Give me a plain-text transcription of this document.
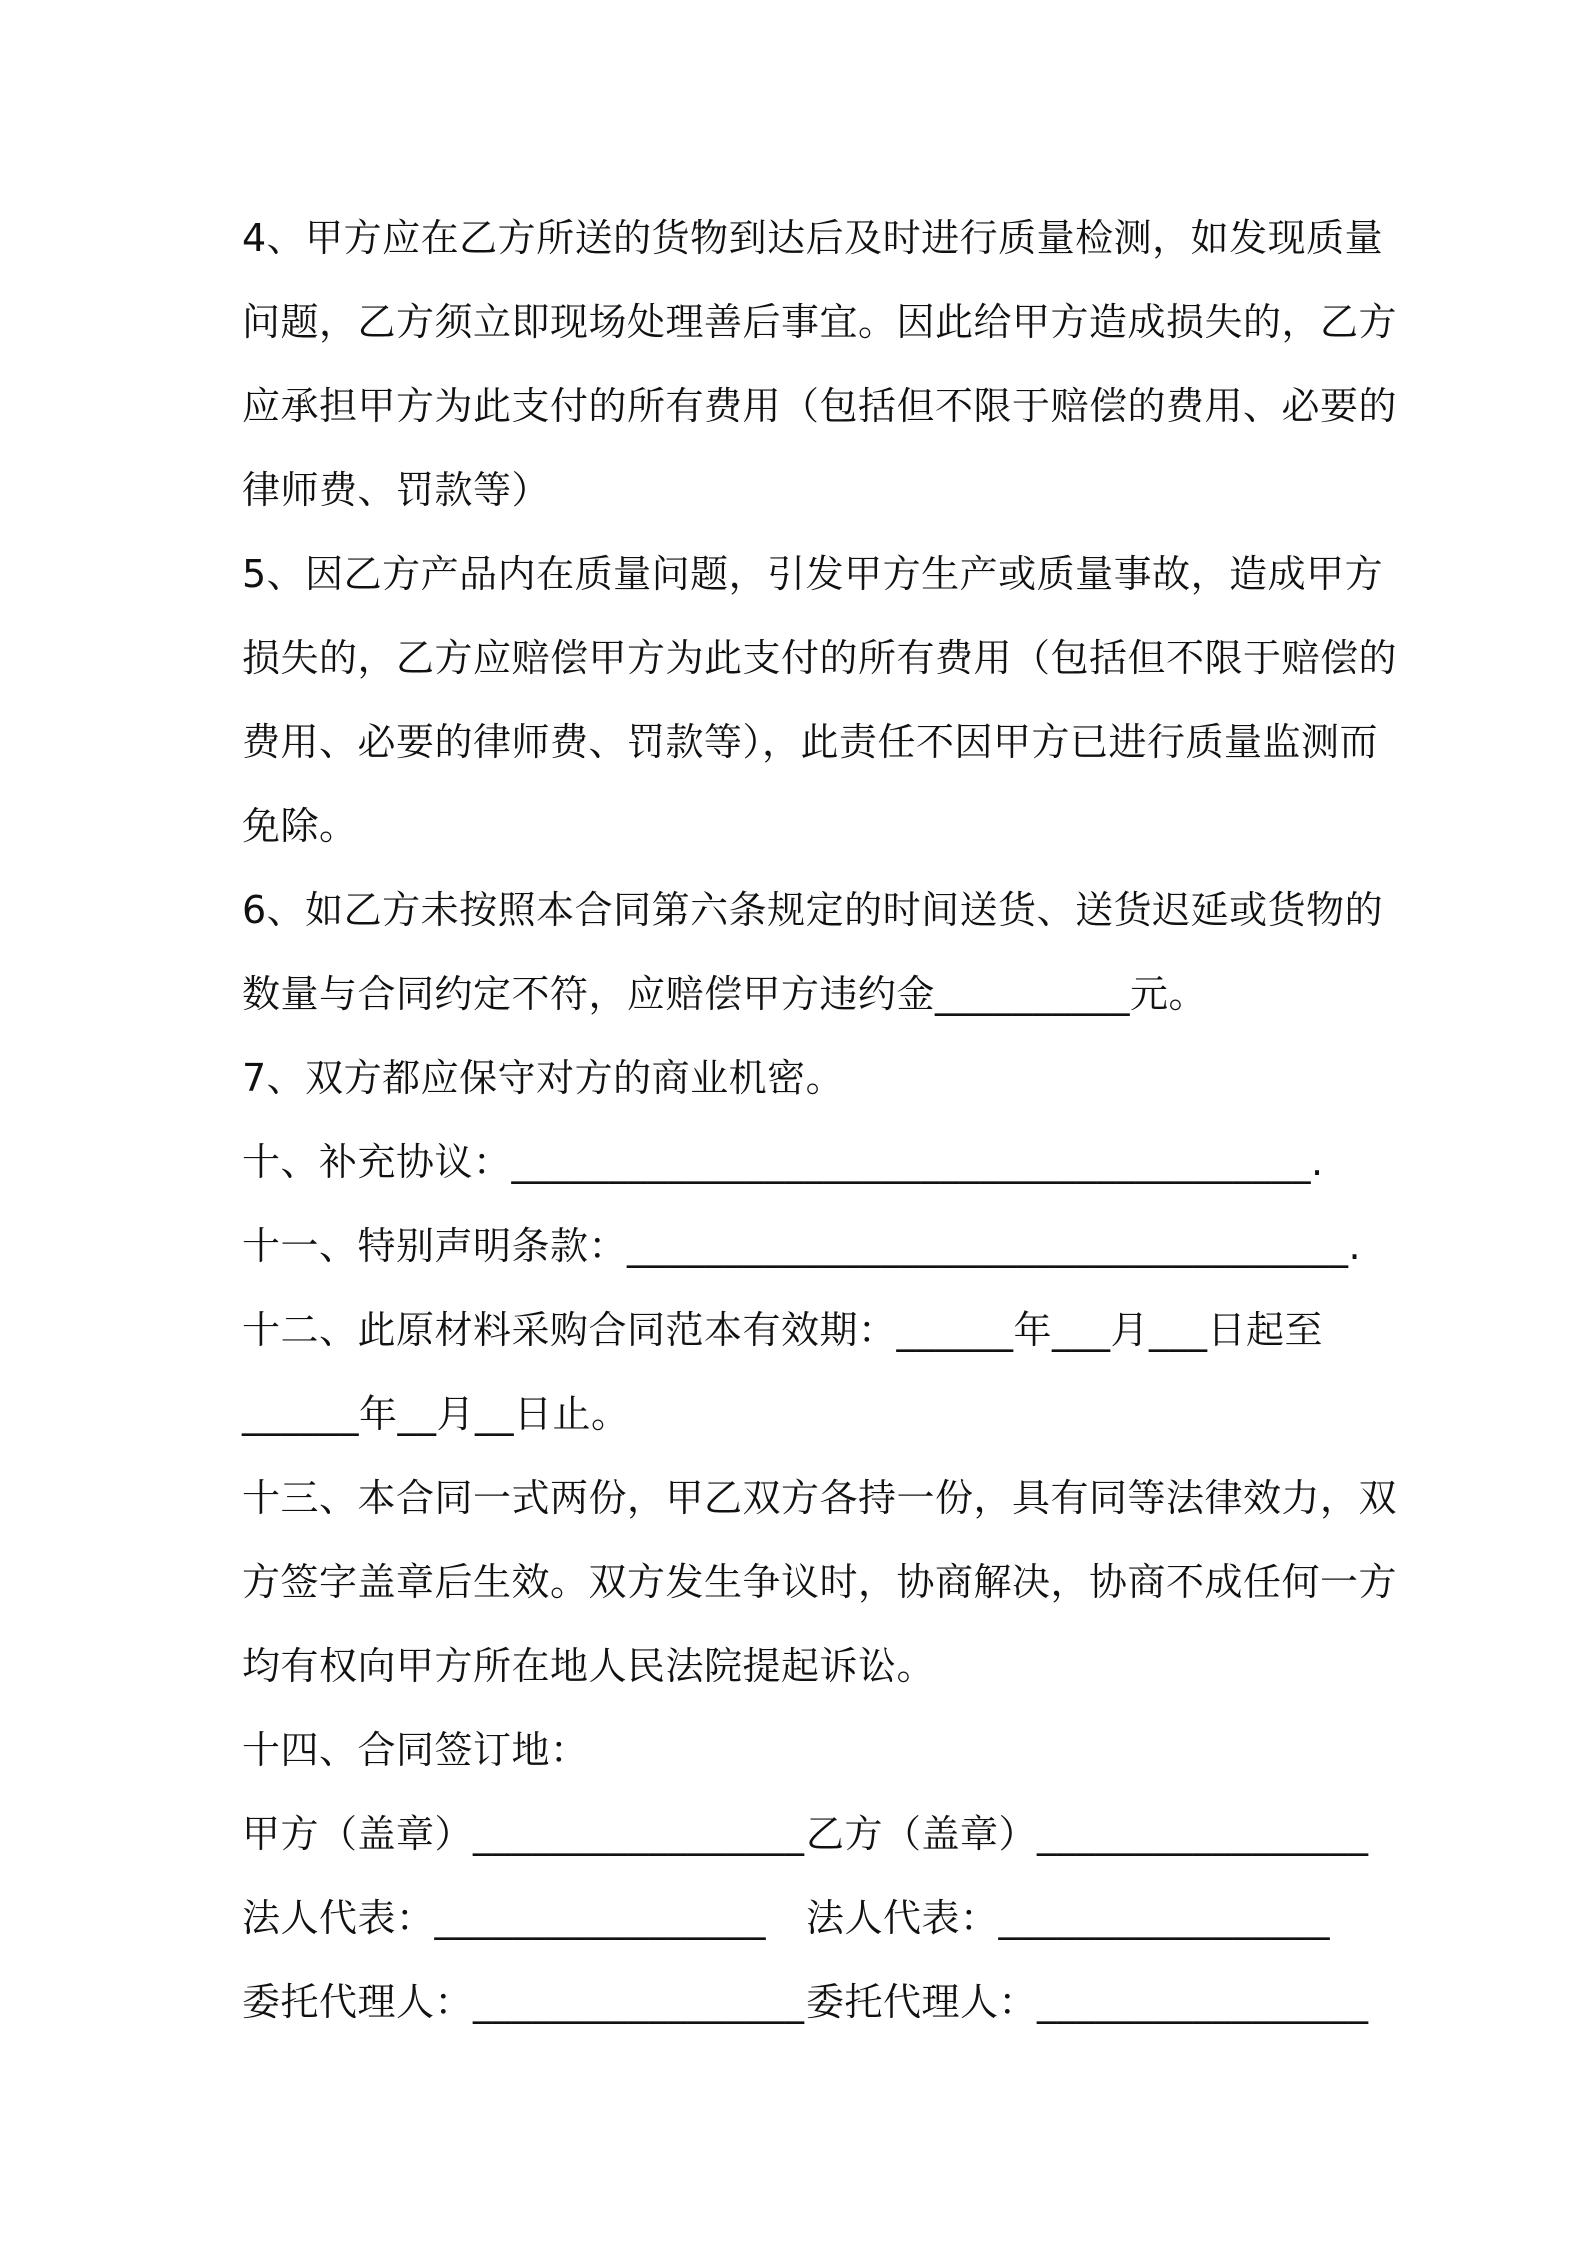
4、甲方应在乙方所送的货物到达后及时进行质量检测，如发现质量
问题，乙方须立即现场处理善后事宜。因此给甲方造成损失的，乙方
应承担甲方为此支付的所有费用（包括但不限于赔偿的费用、必要的
律师费、罚款等）
5、因乙方产品内在质量问题，引发甲方生产或质量事故，造成甲方
损失的，乙方应赔偿甲方为此支付的所有费用（包括但不限于赔偿的
费用、必要的律师费、罚款等），此责任不因甲方已进行质量监测而
免除。
6、如乙方未按照本合同第六条规定的时间送货、送货迟延或货物的
数量与合同约定不符，应赔偿甲方违约金__________元。
7、双方都应保守对方的商业机密。
十、补充协议：_________________________________________.
十一、特别声明条款：_____________________________________.
十二、此原材料采购合同范本有效期：______年___月___日起至
______年__月__日止。
十三、本合同一式两份，甲乙双方各持一份，具有同等法律效力，双
方签字盖章后生效。双方发生争议时，协商解决，协商不成任何一方
均有权向甲方所在地人民法院提起诉讼。
十四、合同签订地：
甲方（盖章）_________________ 乙方（盖章）_________________
法人代表：_________________	法人代表：_________________
委托代理人：_________________ 委托代理人：_________________
